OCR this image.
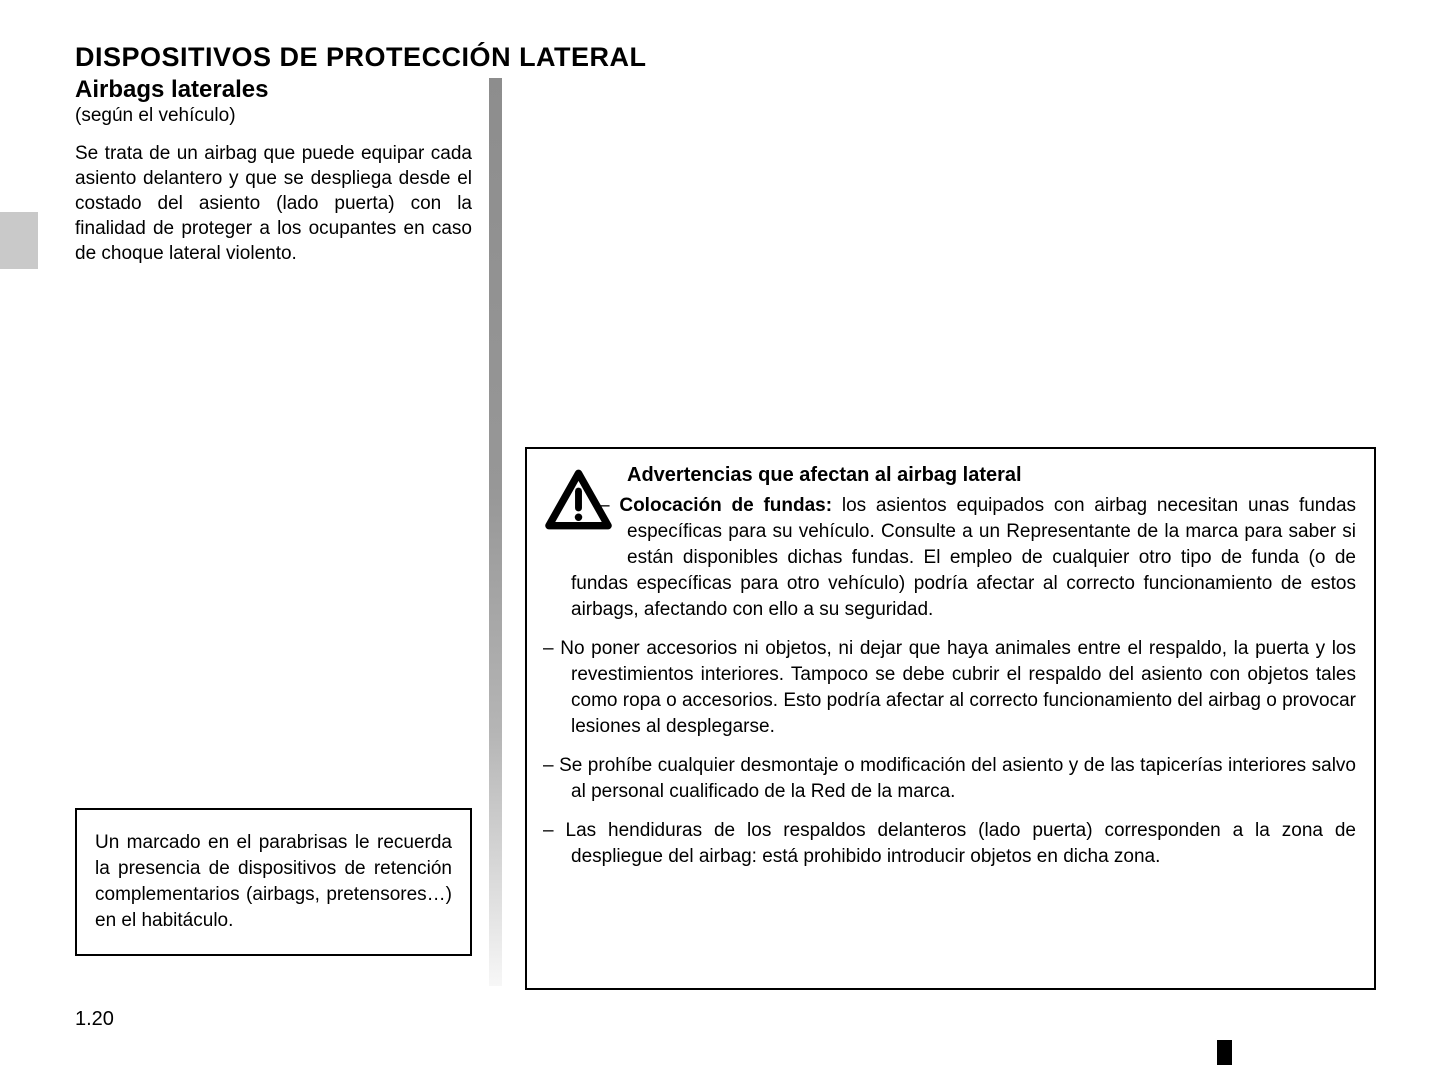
DISPOSITIVOS DE PROTECCIÓN LATERAL
Airbags laterales
(según el vehículo)
Se trata de un airbag que puede equipar cada asiento delantero y que se despliega desde el costado del asiento (lado puerta) con la finalidad de proteger a los ocupantes en caso de choque lateral violento.
Un marcado en el parabrisas le recuerda la presencia de dispositivos de retención complementarios (airbags, pretensores…) en el habitáculo.
Advertencias que afectan al airbag lateral

– Colocación de fundas: los asientos equipados con airbag necesitan unas fundas específicas para su vehículo. Consulte a un Representante de la marca para saber si están disponibles dichas fundas. El empleo de cualquier otro tipo de funda (o de fundas específicas para otro vehículo) podría afectar al correcto funcionamiento de estos airbags, afectando con ello a su seguridad.

– No poner accesorios ni objetos, ni dejar que haya animales entre el respaldo, la puerta y los revestimientos interiores. Tampoco se debe cubrir el respaldo del asiento con objetos tales como ropa o accesorios. Esto podría afectar al correcto funcionamiento del airbag o provocar lesiones al desplegarse.

– Se prohíbe cualquier desmontaje o modificación del asiento y de las tapicerías interiores salvo al personal cualificado de la Red de la marca.

– Las hendiduras de los respaldos delanteros (lado puerta) corresponden a la zona de despliegue del airbag: está prohibido introducir objetos en dicha zona.

1.20
